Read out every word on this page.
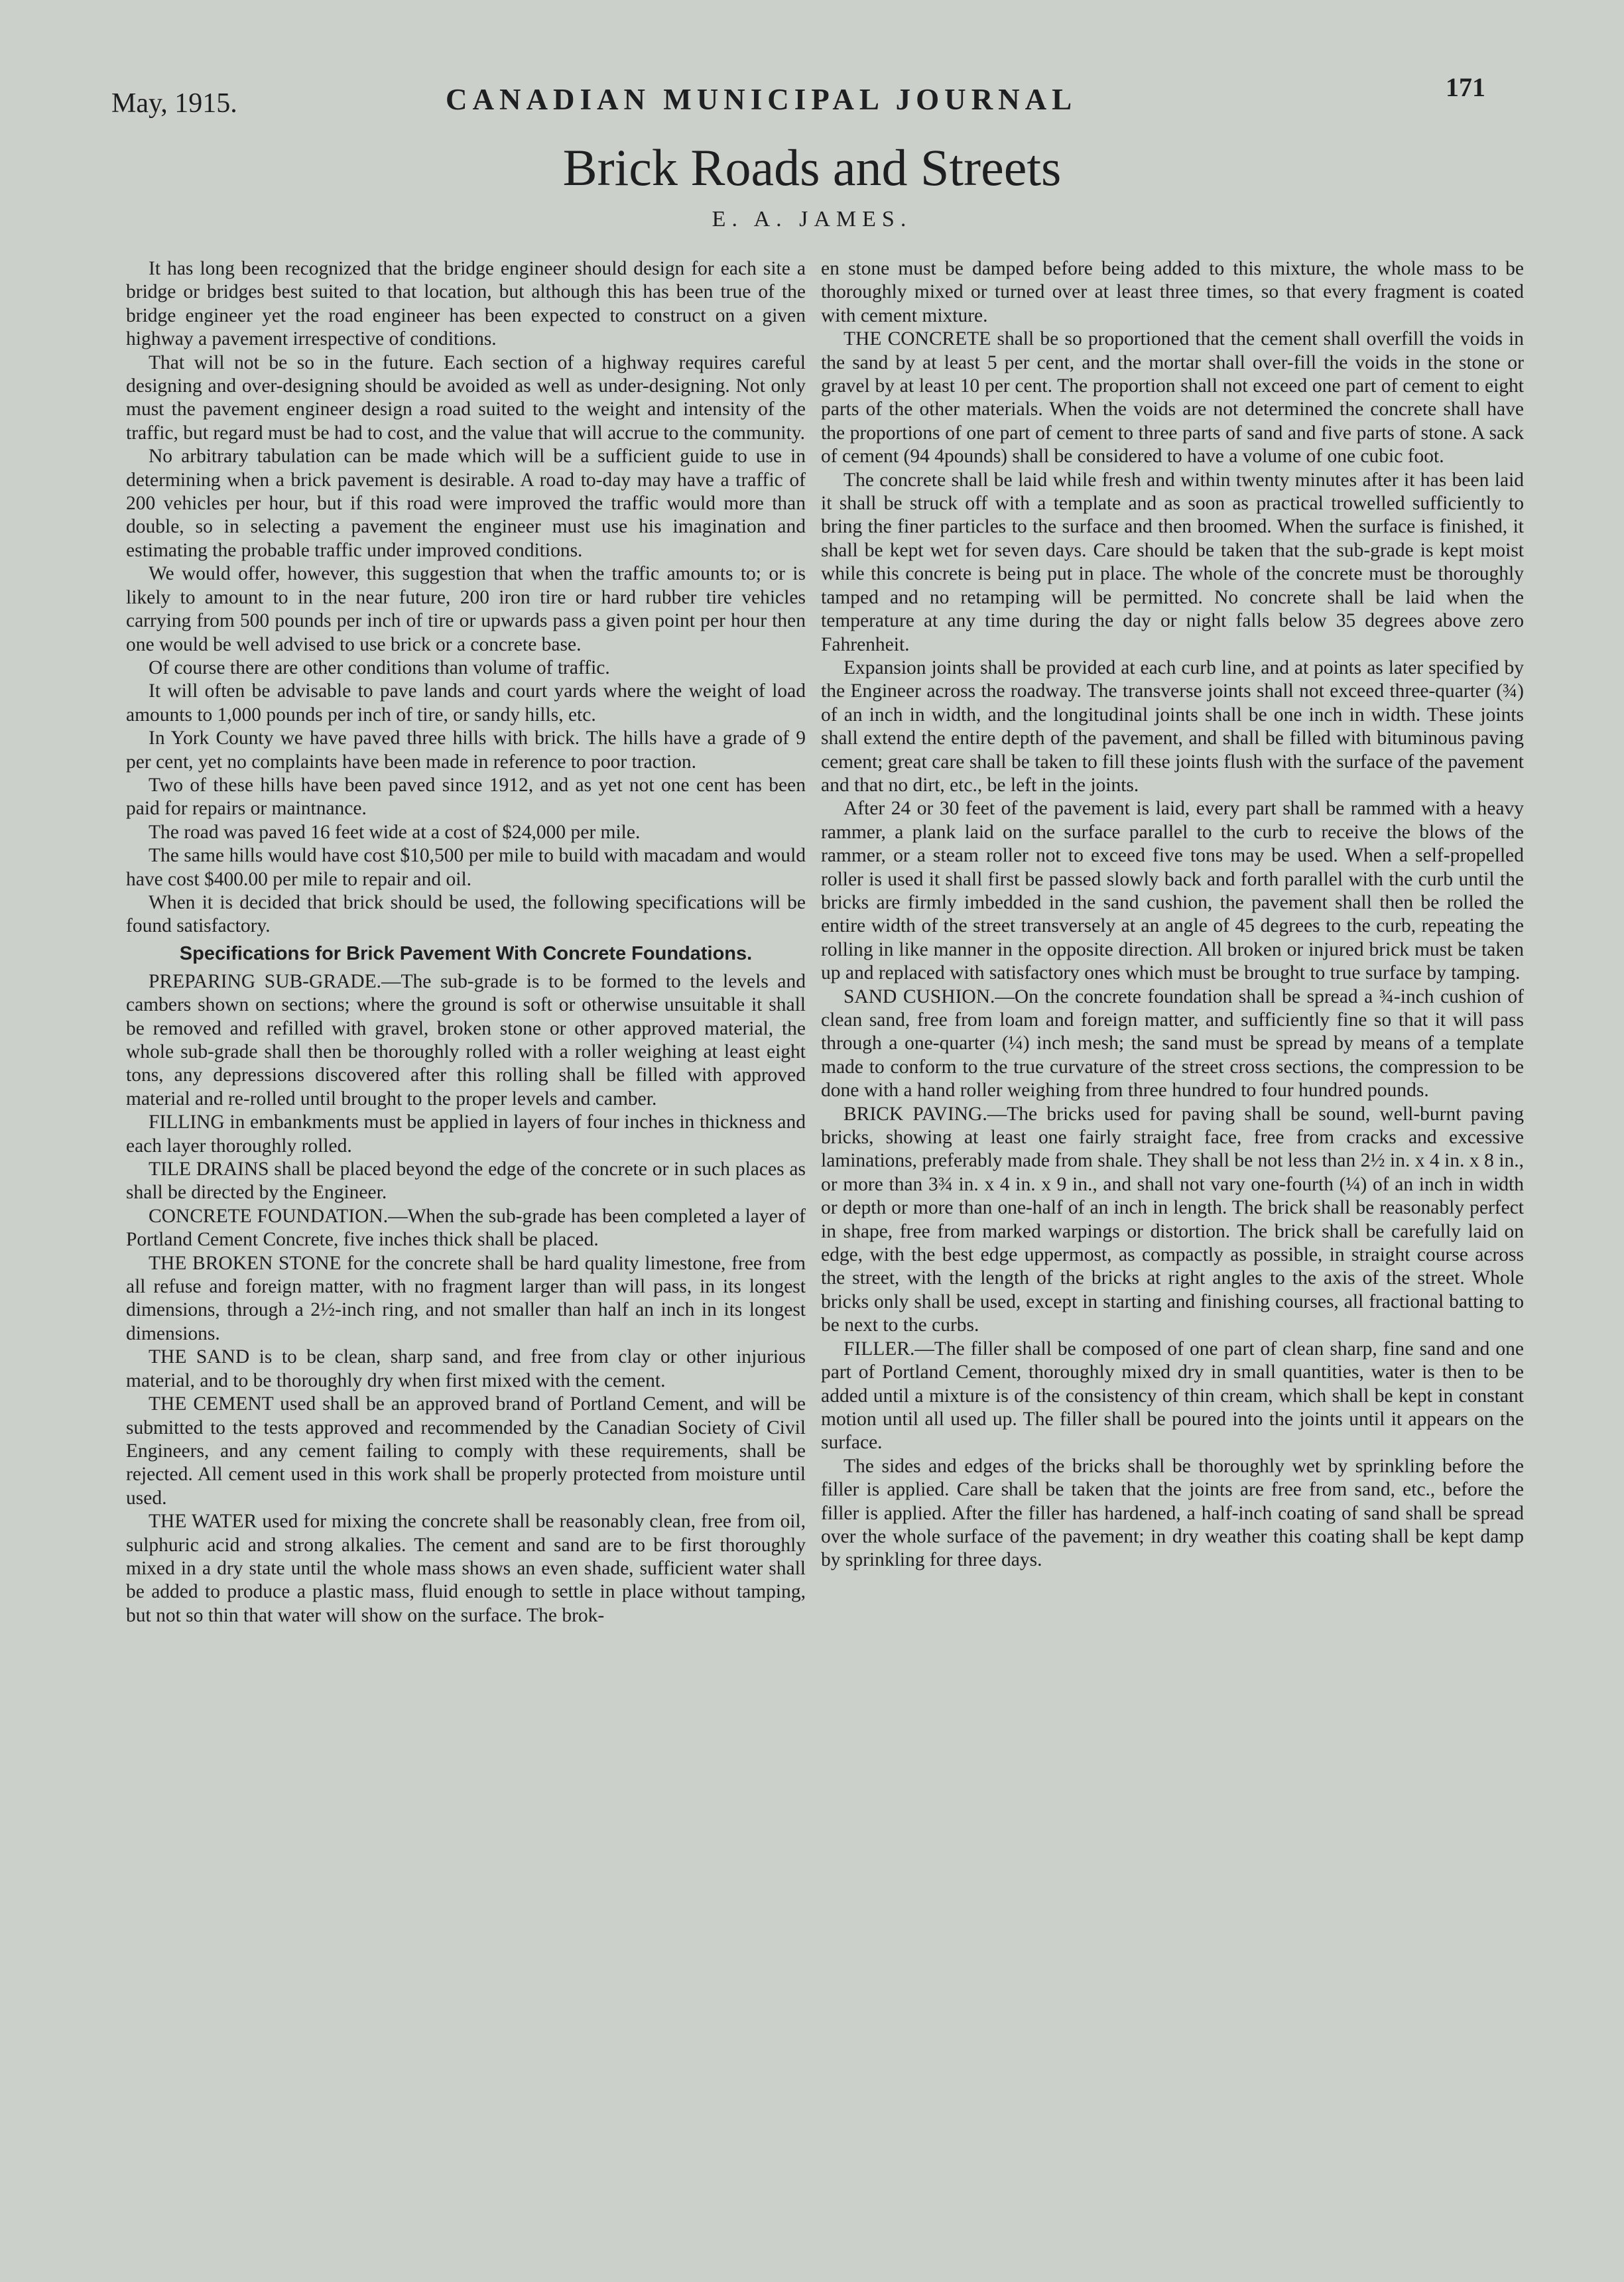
May, 1915.	CANADIAN MUNICIPAL JOURNAL	171
Brick Roads and Streets
E. A. JAMES.

It has long been recognized that the bridge engineer should design for each site a bridge or bridges best suited to that location, but although this has been true of the bridge engineer yet the road engineer has been expected to construct on a given highway a pavement irrespective of conditions.

That will not be so in the future. Each section of a highway requires careful designing and over-designing should be avoided as well as under-designing. Not only must the pavement engineer design a road suited to the weight and intensity of the traffic, but regard must be had to cost, and the value that will accrue to the community.

No arbitrary tabulation can be made which will be a sufficient guide to use in determining when a brick pavement is desirable. A road to-day may have a traffic of 200 vehicles per hour, but if this road were improved the traffic would more than double, so in selecting a pavement the engineer must use his imagination and estimating the probable traffic under improved conditions.

We would offer, however, this suggestion that when the traffic amounts to; or is likely to amount to in the near future, 200 iron tire or hard rubber tire vehicles carrying from 500 pounds per inch of tire or upwards pass a given point per hour then one would be well advised to use brick or a concrete base.

Of course there are other conditions than volume of traffic.

It will often be advisable to pave lands and court yards where the weight of load amounts to 1,000 pounds per inch of tire, or sandy hills, etc.

In York County we have paved three hills with brick. The hills have a grade of 9 per cent, yet no complaints have been made in reference to poor traction.

Two of these hills have been paved since 1912, and as yet not one cent has been paid for repairs or maintnance.

The road was paved 16 feet wide at a cost of $24,000 per mile.

The same hills would have cost $10,500 per mile to build with macadam and would have cost $400.00 per mile to repair and oil.

When it is decided that brick should be used, the following specifications will be found satisfactory.

Specifications for Brick Pavement With Concrete Foundations.

PREPARING SUB-GRADE.—The sub-grade is to be formed to the levels and cambers shown on sections; where the ground is soft or otherwise unsuitable it shall be removed and refilled with gravel, broken stone or other approved material, the whole sub-grade shall then be thoroughly rolled with a roller weighing at least eight tons, any depressions discovered after this rolling shall be filled with approved material and re-rolled until brought to the proper levels and camber.

FILLING in embankments must be applied in layers of four inches in thickness and each layer thoroughly rolled.

TILE DRAINS shall be placed beyond the edge of the concrete or in such places as shall be directed by the Engineer.

CONCRETE FOUNDATION.—When the sub-grade has been completed a layer of Portland Cement Concrete, five inches thick shall be placed.

THE BROKEN STONE for the concrete shall be hard quality limestone, free from all refuse and foreign matter, with no fragment larger than will pass, in its longest dimensions, through a 2½-inch ring, and not smaller than half an inch in its longest dimensions.

THE SAND is to be clean, sharp sand, and free from clay or other injurious material, and to be thoroughly dry when first mixed with the cement.

THE CEMENT used shall be an approved brand of Portland Cement, and will be submitted to the tests approved and recommended by the Canadian Society of Civil Engineers, and any cement failing to comply with these requirements, shall be rejected. All cement used in this work shall be properly protected from moisture until used.

THE WATER used for mixing the concrete shall be reasonably clean, free from oil, sulphuric acid and strong alkalies. The cement and sand are to be first thoroughly mixed in a dry state until the whole mass shows an even shade, sufficient water shall be added to produce a plastic mass, fluid enough to settle in place without tamping, but not so thin that water will show on the surface. The brok-

en stone must be damped before being added to this mixture, the whole mass to be thoroughly mixed or turned over at least three times, so that every fragment is coated with cement mixture.

THE CONCRETE shall be so proportioned that the cement shall overfill the voids in the sand by at least 5 per cent, and the mortar shall over-fill the voids in the stone or gravel by at least 10 per cent. The proportion shall not exceed one part of cement to eight parts of the other materials. When the voids are not determined the concrete shall have the proportions of one part of cement to three parts of sand and five parts of stone. A sack of cement (94 4pounds) shall be considered to have a volume of one cubic foot.

The concrete shall be laid while fresh and within twenty minutes after it has been laid it shall be struck off with a template and as soon as practical trowelled sufficiently to bring the finer particles to the surface and then broomed. When the surface is finished, it shall be kept wet for seven days. Care should be taken that the sub-grade is kept moist while this concrete is being put in place. The whole of the concrete must be thoroughly tamped and no retamping will be permitted. No concrete shall be laid when the temperature at any time during the day or night falls below 35 degrees above zero Fahrenheit.

Expansion joints shall be provided at each curb line, and at points as later specified by the Engineer across the roadway. The transverse joints shall not exceed three-quarter (¾) of an inch in width, and the longitudinal joints shall be one inch in width. These joints shall extend the entire depth of the pavement, and shall be filled with bituminous paving cement; great care shall be taken to fill these joints flush with the surface of the pavement and that no dirt, etc., be left in the joints.

After 24 or 30 feet of the pavement is laid, every part shall be rammed with a heavy rammer, a plank laid on the surface parallel to the curb to receive the blows of the rammer, or a steam roller not to exceed five tons may be used. When a self-propelled roller is used it shall first be passed slowly back and forth parallel with the curb until the bricks are firmly imbedded in the sand cushion, the pavement shall then be rolled the entire width of the street transversely at an angle of 45 degrees to the curb, repeating the rolling in like manner in the opposite direction. All broken or injured brick must be taken up and replaced with satisfactory ones which must be brought to true surface by tamping.

SAND CUSHION.—On the concrete foundation shall be spread a ¾-inch cushion of clean sand, free from loam and foreign matter, and sufficiently fine so that it will pass through a one-quarter (¼) inch mesh; the sand must be spread by means of a template made to conform to the true curvature of the street cross sections, the compression to be done with a hand roller weighing from three hundred to four hundred pounds.

BRICK PAVING.—The bricks used for paving shall be sound, well-burnt paving bricks, showing at least one fairly straight face, free from cracks and excessive laminations, preferably made from shale. They shall be not less than 2½ in. x 4 in. x 8 in., or more than 3¾ in. x 4 in. x 9 in., and shall not vary one-fourth (¼) of an inch in width or depth or more than one-half of an inch in length. The brick shall be reasonably perfect in shape, free from marked warpings or distortion. The brick shall be carefully laid on edge, with the best edge uppermost, as compactly as possible, in straight course across the street, with the length of the bricks at right angles to the axis of the street. Whole bricks only shall be used, except in starting and finishing courses, all fractional batting to be next to the curbs.

FILLER.—The filler shall be composed of one part of clean sharp, fine sand and one part of Portland Cement, thoroughly mixed dry in small quantities, water is then to be added until a mixture is of the consistency of thin cream, which shall be kept in constant motion until all used up. The filler shall be poured into the joints until it appears on the surface.

The sides and edges of the bricks shall be thoroughly wet by sprinkling before the filler is applied. Care shall be taken that the joints are free from sand, etc., before the filler is applied. After the filler has hardened, a half-inch coating of sand shall be spread over the whole surface of the pavement; in dry weather this coating shall be kept damp by sprinkling for three days.
